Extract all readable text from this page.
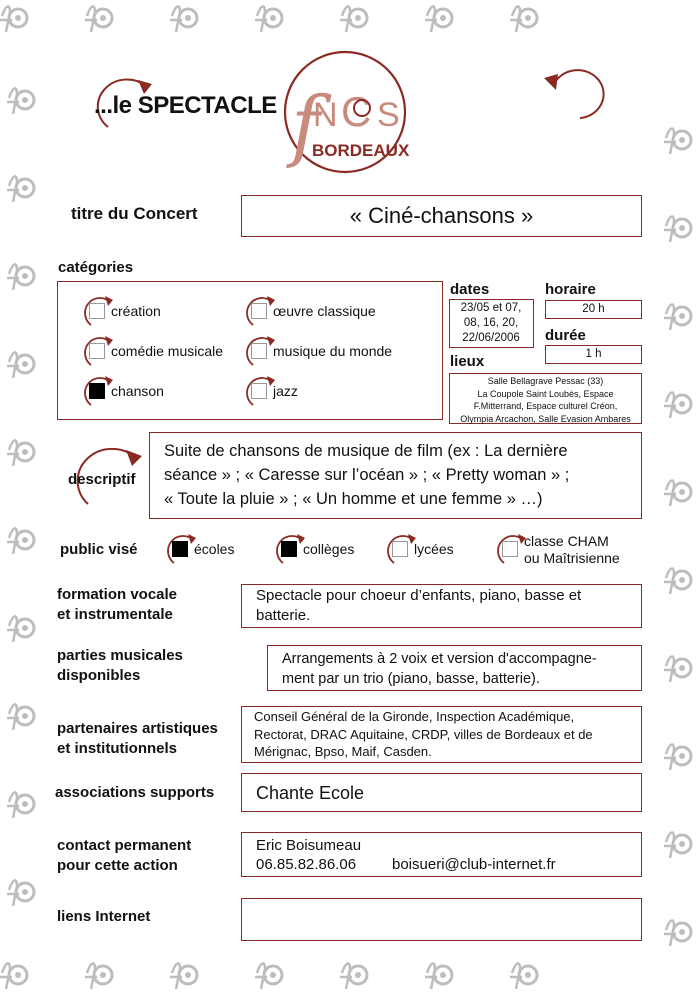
...le SPECTACLE f
N C S
BORDEAUX
titre du Concert	« Ciné-chansons »
catégories
dates
23/05 et 07,
08, 16, 20,
22/06/2006
horaire
20 h
durée
1 h
lieux
Salle Bellagrave Pessac (33)
La Coupole Saint Loubès, Espace
F.Mitterrand, Espace culturel Créon,
Olympia Arcachon, Salle Evasion Ambares
descriptif
Suite de chansons de musique de film (ex : La dernière
séance » ; « Caresse sur l’océan » ; « Pretty woman » ;
« Toute la pluie » ; « Un homme et une femme » …)
public visé
formation vocale
et instrumentale
Spectacle pour choeur d’enfants, piano, basse et
batterie.
parties musicales
disponibles
Arrangements à 2 voix et version d'accompagne-
ment par un trio (piano, basse, batterie).
partenaires artistiques
et institutionnels
Conseil Général de la Gironde, Inspection Académique,
Rectorat, DRAC Aquitaine, CRDP, villes de Bordeaux et de
Mérignac, Bpso, Maif, Casden.
associations supports Chante Ecole
contact permanent
pour cette action
Eric Boisumeau
06.85.82.86.06 boisueri@club-internet.fr
liens Internet
création	œuvre classique
comédie musicale	musique du monde
chanson	jazz
écoles	collèges	lycées	classe CHAM
ou Maîtrisienne
